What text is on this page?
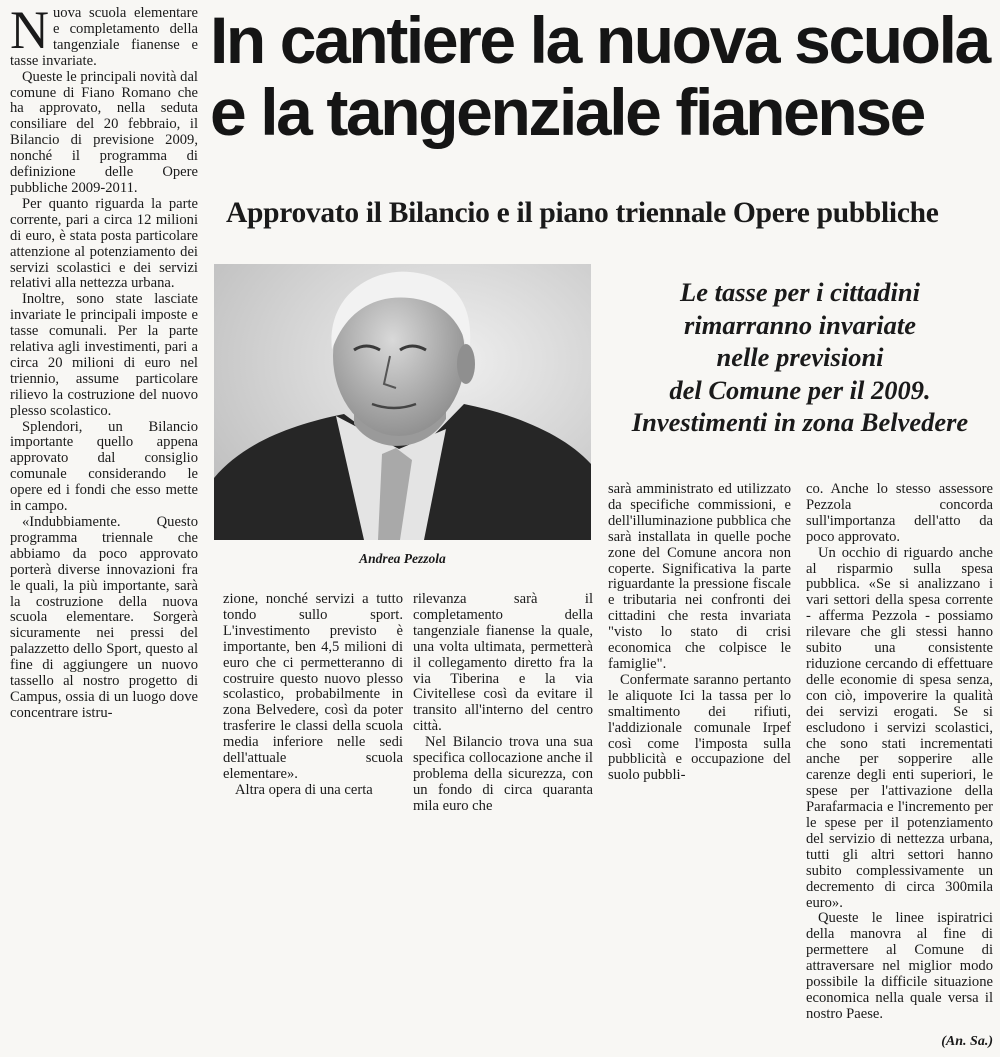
N uova scuola elementare e completamento della tangenziale fianense e tasse invariate.

Queste le principali novità dal comune di Fiano Romano che ha approvato, nella seduta consiliare del 20 febbraio, il Bilancio di previsione 2009, nonché il programma di definizione delle Opere pubbliche 2009-2011.

Per quanto riguarda la parte corrente, pari a circa 12 milioni di euro, è stata posta particolare attenzione al potenziamento dei servizi scolastici e dei servizi relativi alla nettezza urbana.

Inoltre, sono state lasciate invariate le principali imposte e tasse comunali. Per la parte relativa agli investimenti, pari a circa 20 milioni di euro nel triennio, assume particolare rilievo la costruzione del nuovo plesso scolastico.

Splendori, un Bilancio importante quello appena approvato dal consiglio comunale considerando le opere ed i fondi che esso mette in campo.

«Indubbiamente. Questo programma triennale che abbiamo da poco approvato porterà diverse innovazioni fra le quali, la più importante, sarà la costruzione della nuova scuola elementare. Sorgerà sicuramente nei pressi del palazzetto dello Sport, questo al fine di aggiungere un nuovo tassello al nostro progetto di Campus, ossia di un luogo dove concentrare istru-

In cantiere la nuova scuola
e la tangenziale fianense
Approvato il Bilancio e il piano triennale Opere pubbliche
Andrea Pezzola
Le tasse per i cittadini
rimarranno invariate
nelle previsioni
del Comune per il 2009.
Investimenti in zona Belvedere

zione, nonché servizi a tutto tondo sullo sport. L'investimento previsto è importante, ben 4,5 milioni di euro che ci permetteranno di costruire questo nuovo plesso scolastico, probabilmente in zona Belvedere, così da poter trasferire le classi della scuola media inferiore nelle sedi dell'attuale scuola elementare».

Altra opera di una certa

rilevanza sarà il completamento della tangenziale fianense la quale, una volta ultimata, permetterà il collegamento diretto fra la via Tiberina e la via Civitellese così da evitare il transito all'interno del centro città.

Nel Bilancio trova una sua specifica collocazione anche il problema della sicurezza, con un fondo di circa quaranta mila euro che

sarà amministrato ed utilizzato da specifiche commissioni, e dell'illuminazione pubblica che sarà installata in quelle poche zone del Comune ancora non coperte. Significativa la parte riguardante la pressione fiscale e tributaria nei confronti dei cittadini che resta invariata "visto lo stato di crisi economica che colpisce le famiglie".

Confermate saranno pertanto le aliquote Ici la tassa per lo smaltimento dei rifiuti, l'addizionale comunale Irpef così come l'imposta sulla pubblicità e occupazione del suolo pubbli-

co. Anche lo stesso assessore Pezzola concorda sull'importanza dell'atto da poco approvato.

Un occhio di riguardo anche al risparmio sulla spesa pubblica. «Se si analizzano i vari settori della spesa corrente - afferma Pezzola - possiamo rilevare che gli stessi hanno subito una consistente riduzione cercando di effettuare delle economie di spesa senza, con ciò, impoverire la qualità dei servizi erogati. Se si escludono i servizi scolastici, che sono stati incrementati anche per sopperire alle carenze degli enti superiori, le spese per l'attivazione della Parafarmacia e l'incremento per le spese per il potenziamento del servizio di nettezza urbana, tutti gli altri settori hanno subito complessivamente un decremento di circa 300mila euro».

Queste le linee ispiratrici della manovra al fine di permettere al Comune di attraversare nel miglior modo possibile la difficile situazione economica nella quale versa il nostro Paese.

(An. Sa.)
